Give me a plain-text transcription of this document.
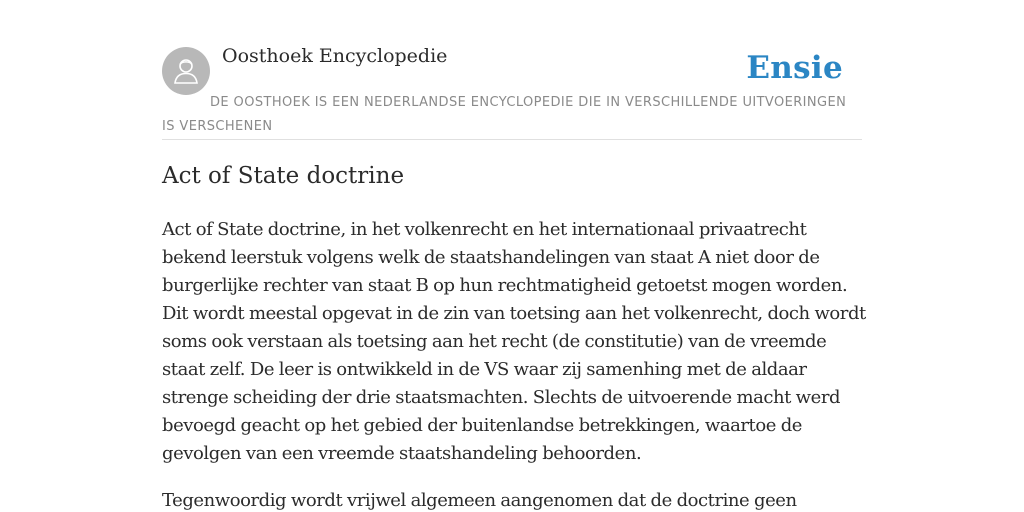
Oosthoek Encyclopedie	Ensie
DE OOSTHOEK IS EEN NEDERLANDSE ENCYCLOPEDIE DIE IN VERSCHILLENDE UITVOERINGEN IS VERSCHENEN
Act of State doctrine

Act of State doctrine, in het volkenrecht en het internationaal privaatrecht bekend leerstuk volgens welk de staatshandelingen van staat A niet door de burgerlijke rechter van staat B op hun rechtmatigheid getoetst mogen worden. Dit wordt meestal opgevat in de zin van toetsing aan het volkenrecht, doch wordt soms ook verstaan als toetsing aan het recht (de constitutie) van de vreemde staat zelf. De leer is ontwikkeld in de VS waar zij samenhing met de aldaar strenge scheiding der drie staatsmachten. Slechts de uitvoerende macht werd bevoegd geacht op het gebied der buitenlandse betrekkingen, waartoe de gevolgen van een vreemde staatshandeling behoorden.

Tegenwoordig wordt vrijwel algemeen aangenomen dat de doctrine geen
